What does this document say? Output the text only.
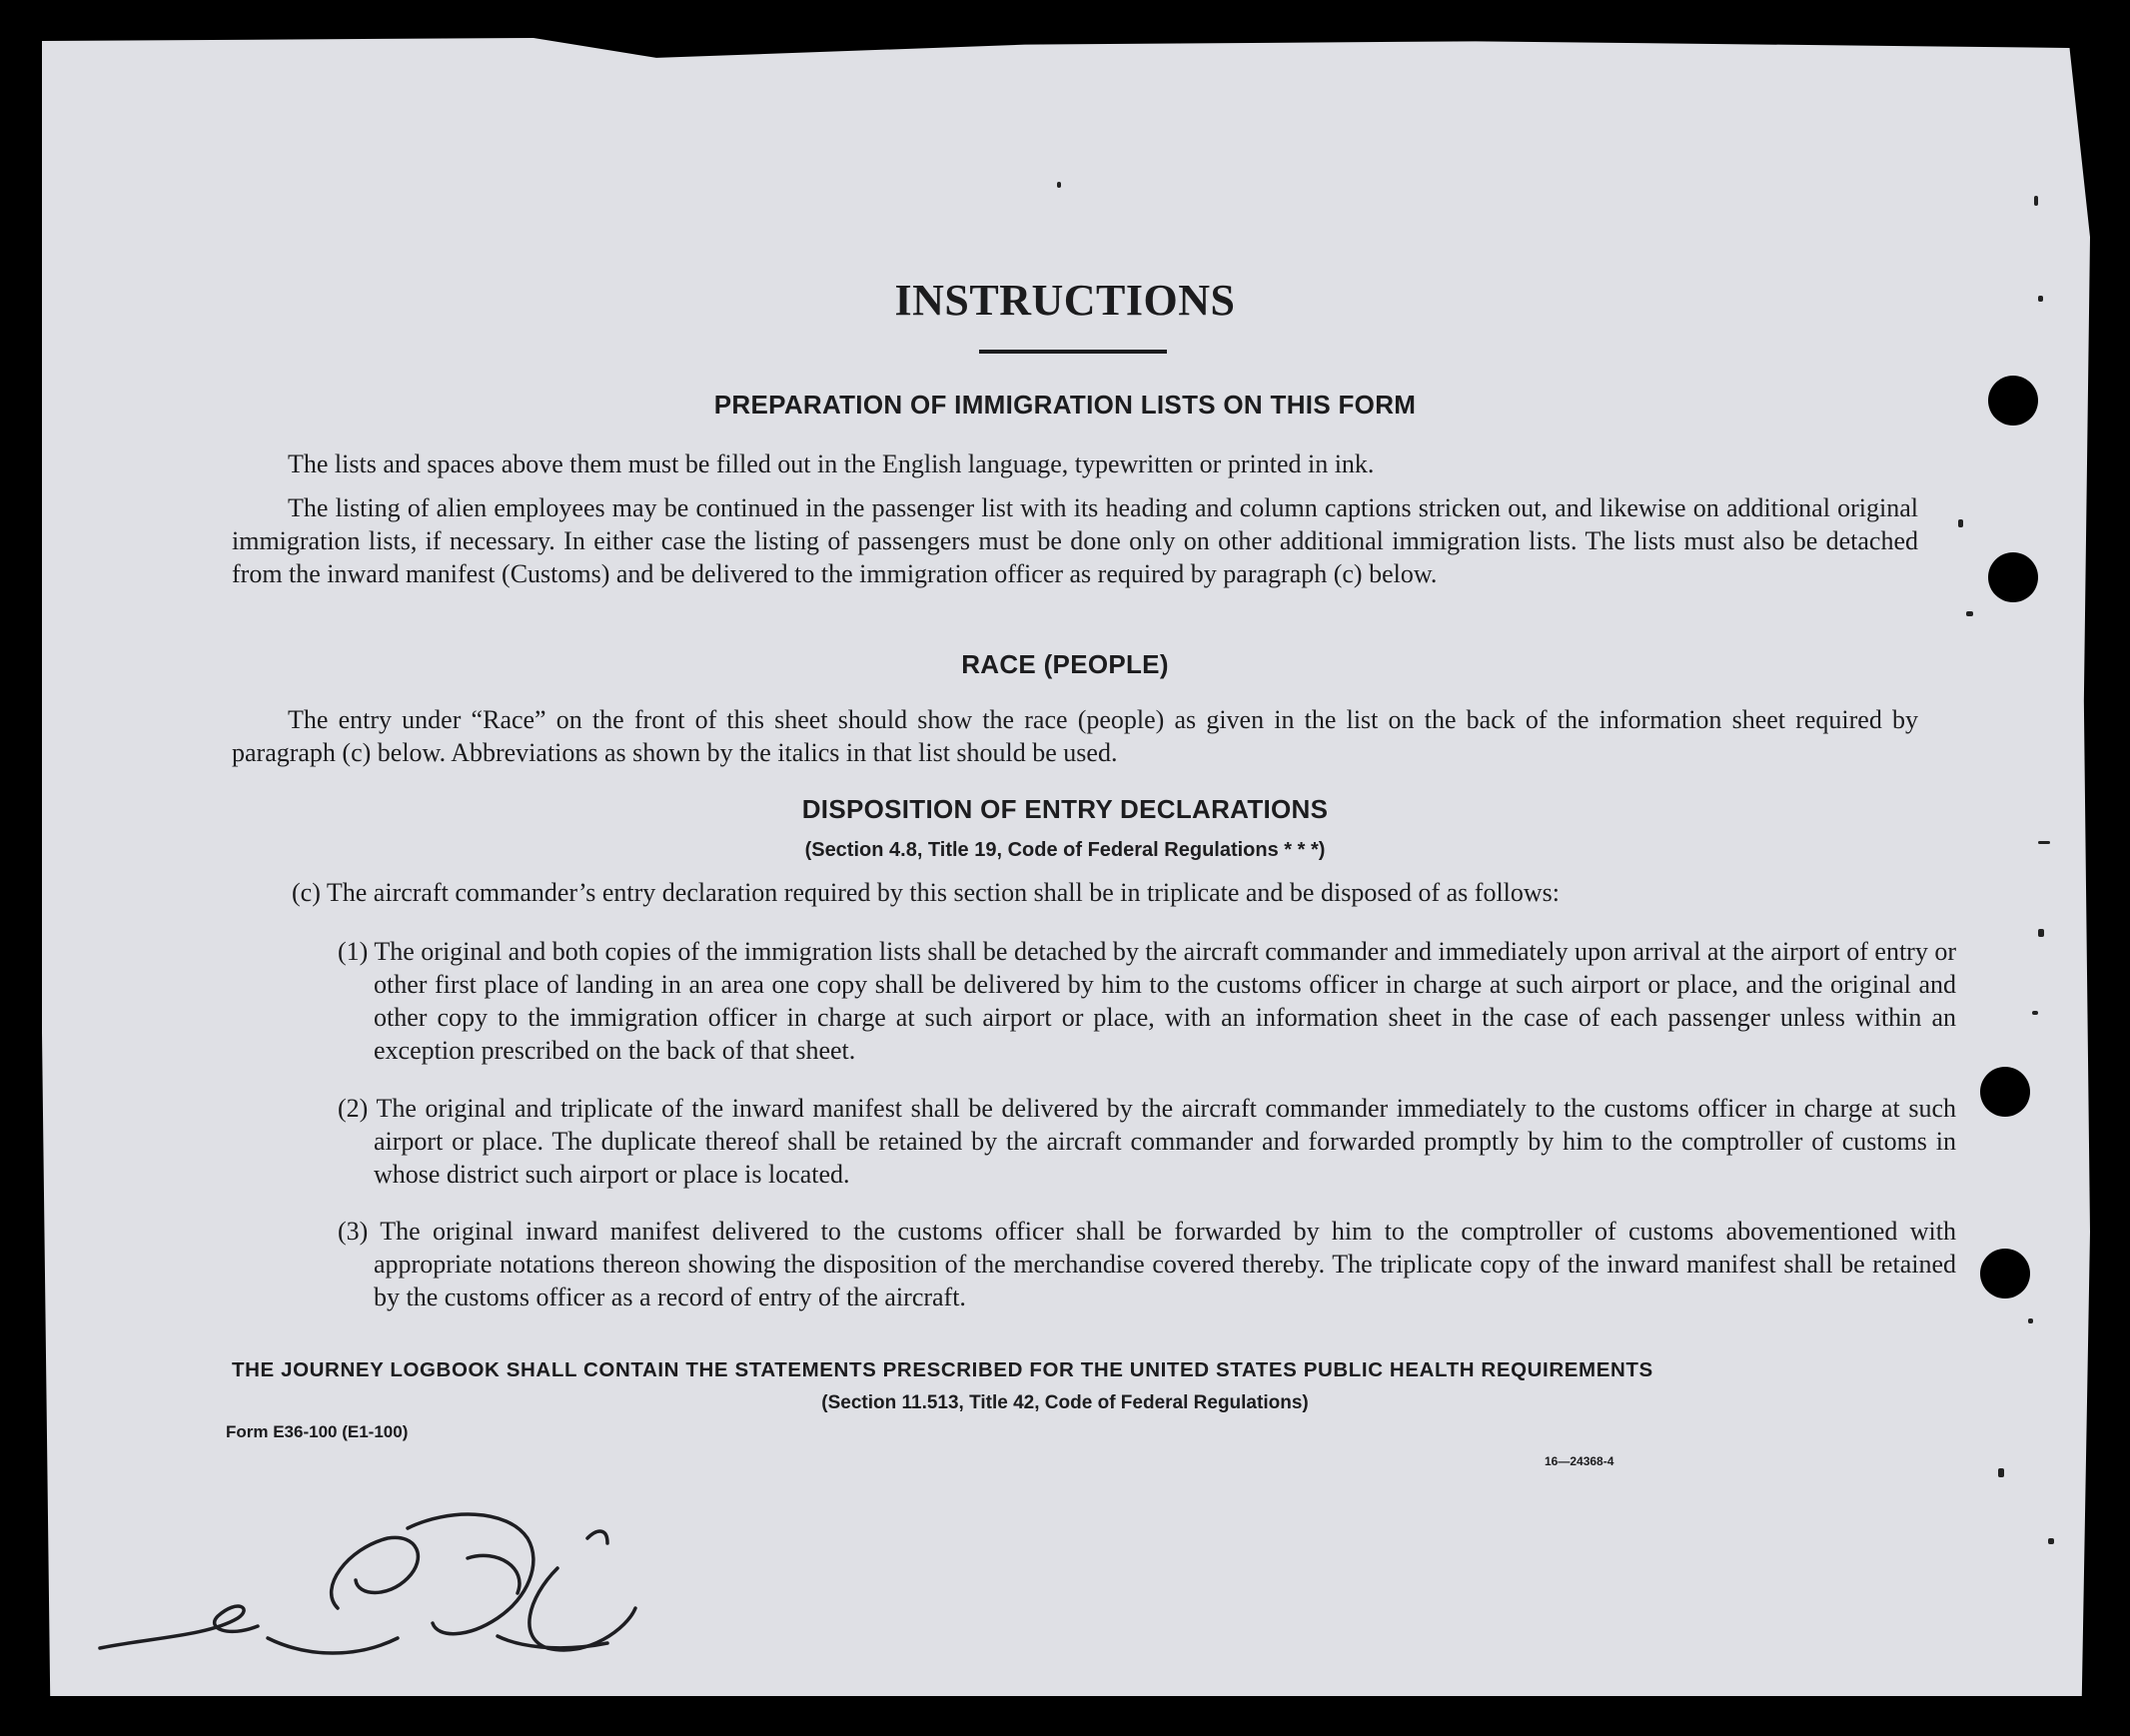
INSTRUCTIONS
PREPARATION OF IMMIGRATION LISTS ON THIS FORM
The lists and spaces above them must be filled out in the English language, typewritten or printed in ink.
The listing of alien employees may be continued in the passenger list with its heading and column captions stricken out, and likewise on additional original immigration lists, if necessary. In either case the listing of passengers must be done only on other additional immigration lists. The lists must also be detached from the inward manifest (Customs) and be delivered to the immigration officer as required by paragraph (c) below.
RACE (PEOPLE)
The entry under “Race” on the front of this sheet should show the race (people) as given in the list on the back of the information sheet required by paragraph (c) below. Abbreviations as shown by the italics in that list should be used.
DISPOSITION OF ENTRY DECLARATIONS
(Section 4.8, Title 19, Code of Federal Regulations * * *)
(c) The aircraft commander’s entry declaration required by this section shall be in triplicate and be disposed of as follows:
(1) The original and both copies of the immigration lists shall be detached by the aircraft commander and immediately upon arrival at the airport of entry or other first place of landing in an area one copy shall be delivered by him to the customs officer in charge at such airport or place, and the original and other copy to the immigration officer in charge at such airport or place, with an information sheet in the case of each passenger unless within an exception prescribed on the back of that sheet.
(2) The original and triplicate of the inward manifest shall be delivered by the aircraft commander immediately to the customs officer in charge at such airport or place. The duplicate thereof shall be retained by the aircraft commander and forwarded promptly by him to the comptroller of customs in whose district such airport or place is located.
(3) The original inward manifest delivered to the customs officer shall be forwarded by him to the comptroller of customs abovementioned with appropriate notations thereon showing the disposition of the merchandise covered thereby. The triplicate copy of the inward manifest shall be retained by the customs officer as a record of entry of the aircraft.
THE JOURNEY LOGBOOK SHALL CONTAIN THE STATEMENTS PRESCRIBED FOR THE UNITED STATES PUBLIC HEALTH REQUIREMENTS
(Section 11.513, Title 42, Code of Federal Regulations)
Form E36-100 (E1-100)
16—24368-4
